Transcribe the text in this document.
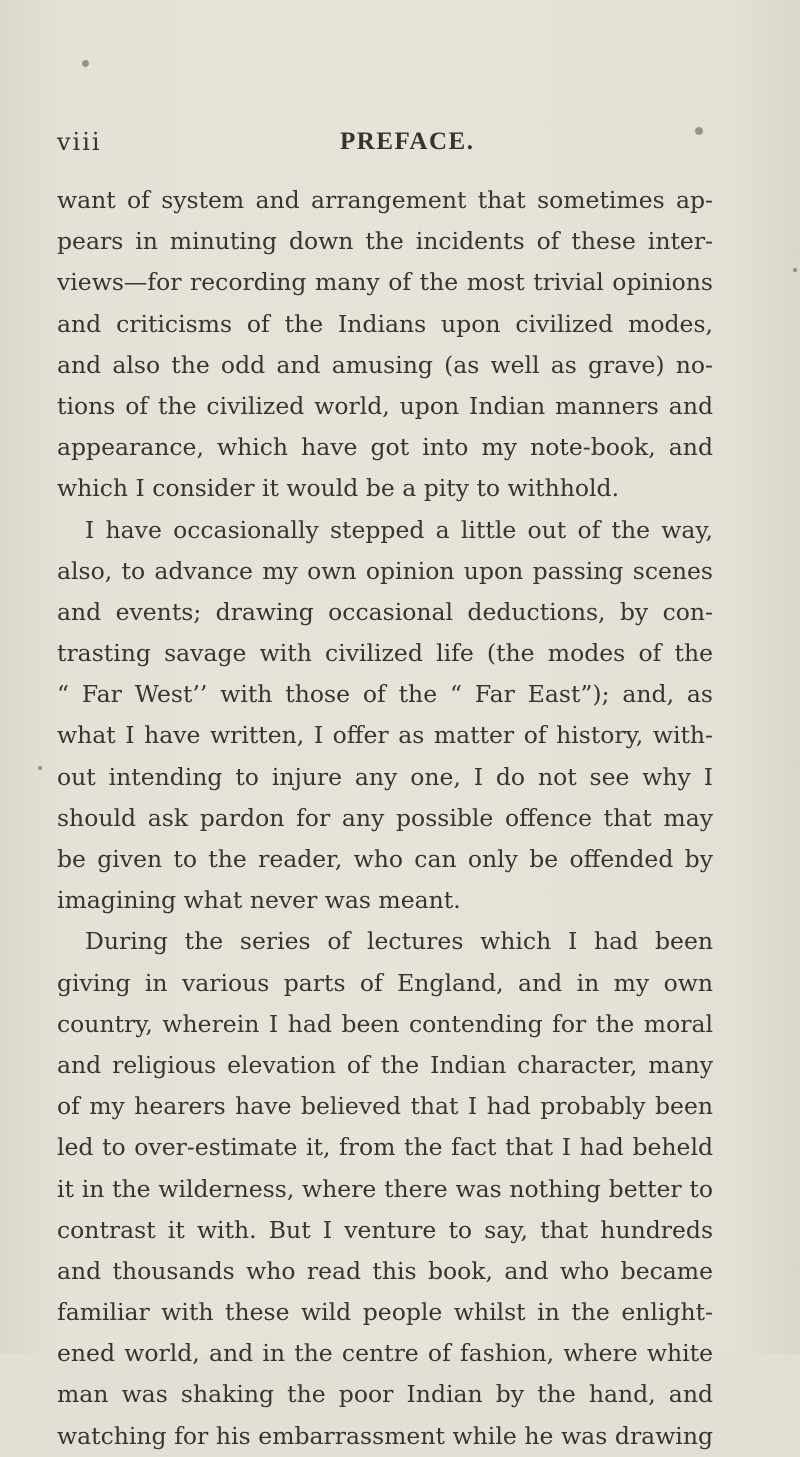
viii	PREFACE.
want of system and arrangement that sometimes ap-
pears in minuting down the incidents of these inter-
views—for recording many of the most trivial opinions
and criticisms of the Indians upon civilized modes,
and also the odd and amusing (as well as grave) no-
tions of the civilized world, upon Indian manners and
appearance, which have got into my note-book, and
which I consider it would be a pity to withhold.
I have occasionally stepped a little out of the way,
also, to advance my own opinion upon passing scenes
and events; drawing occasional deductions, by con-
trasting savage with civilized life (the modes of the
“ Far West’’ with those of the “ Far East”); and, as
what I have written, I offer as matter of history, with-
out intending to injure any one, I do not see why I
should ask pardon for any possible offence that may
be given to the reader, who can only be offended by
imagining what never was meant.
During the series of lectures which I had been
giving in various parts of England, and in my own
country, wherein I had been contending for the moral
and religious elevation of the Indian character, many
of my hearers have believed that I had probably been
led to over-estimate it, from the fact that I had beheld
it in the wilderness, where there was nothing better to
contrast it with. But I venture to say, that hundreds
and thousands who read this book, and who became
familiar with these wild people whilst in the enlight-
ened world, and in the centre of fashion, where white
man was shaking the poor Indian by the hand, and
watching for his embarrassment while he was drawing
